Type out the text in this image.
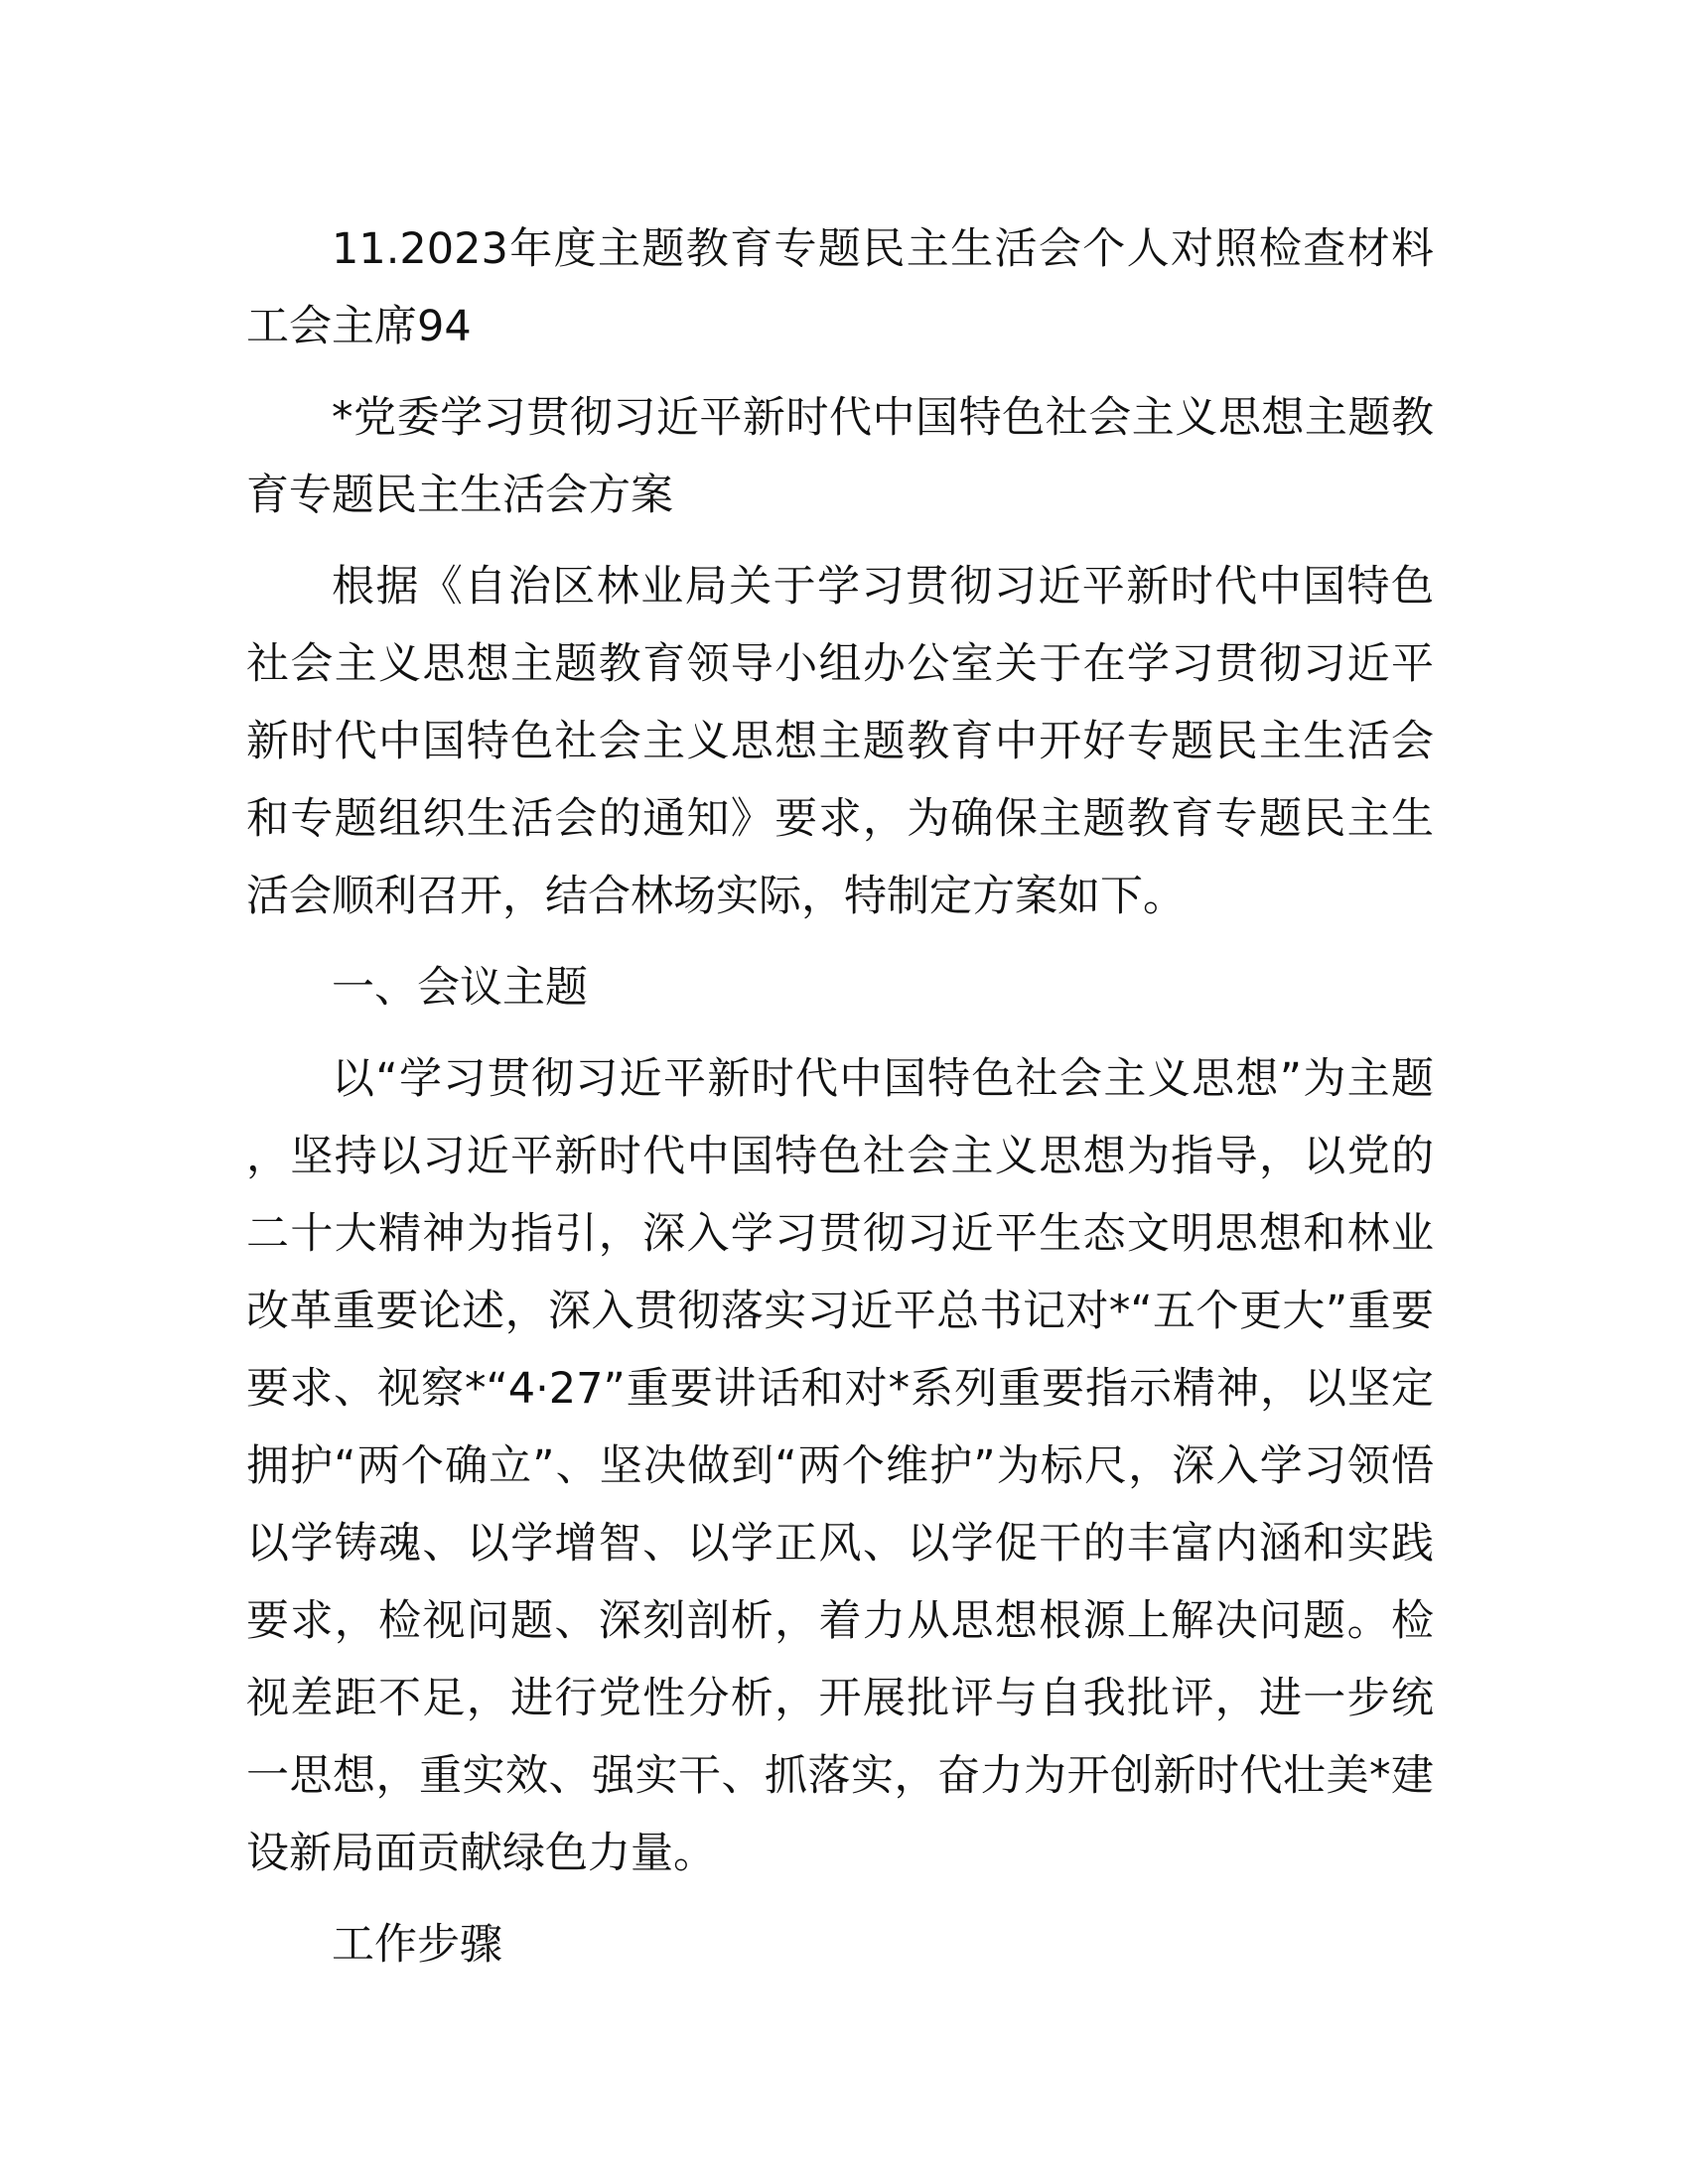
11.2023年度主题教育专题民主生活会个人对照检查材料工会主席94

*党委学习贯彻习近平新时代中国特色社会主义思想主题教育专题民主生活会方案

根据《自治区林业局关于学习贯彻习近平新时代中国特色社会主义思想主题教育领导小组办公室关于在学习贯彻习近平新时代中国特色社会主义思想主题教育中开好专题民主生活会和专题组织生活会的通知》要求，为确保主题教育专题民主生活会顺利召开，结合林场实际，特制定方案如下。

一、会议主题

以“学习贯彻习近平新时代中国特色社会主义思想”为主题，坚持以习近平新时代中国特色社会主义思想为指导，以党的二十大精神为指引，深入学习贯彻习近平生态文明思想和林业改革重要论述，深入贯彻落实习近平总书记对*“五个更大”重要要求、视察*“4·27”重要讲话和对*系列重要指示精神，以坚定拥护“两个确立”、坚决做到“两个维护”为标尺，深入学习领悟以学铸魂、以学增智、以学正风、以学促干的丰富内涵和实践要求，检视问题、深刻剖析，着力从思想根源上解决问题。检视差距不足，进行党性分析，开展批评与自我批评，进一步统一思想，重实效、强实干、抓落实，奋力为开创新时代壮美*建设新局面贡献绿色力量。

工作步骤
